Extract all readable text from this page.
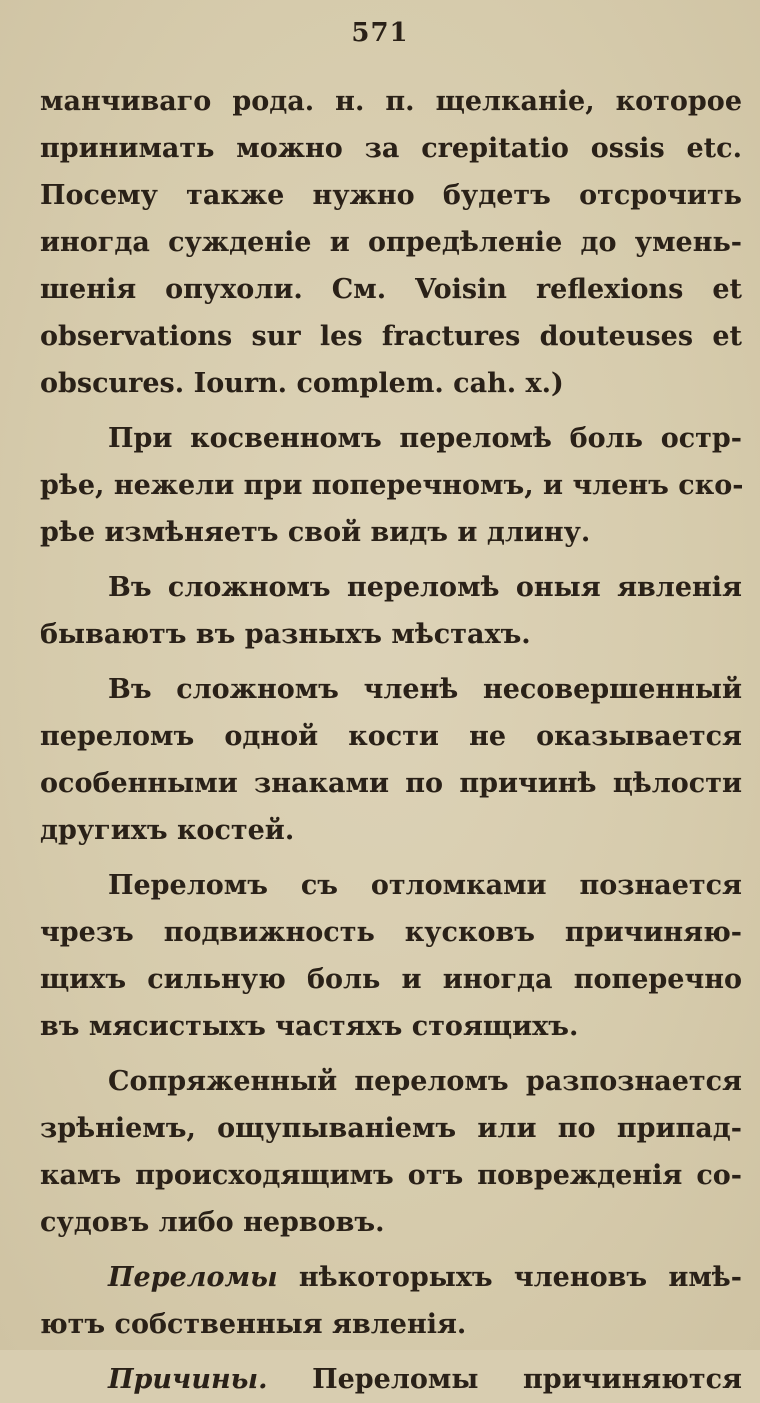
571
манчиваго рода. н. п. щелканіе, которое
принимать можно за crepitatio ossis etc.
Посему также нужно будетъ отсрочить
иногда сужденіе и опредѣленіе до умень-
шенія опухоли. См. Voisin reflexions et
observations sur les fractures douteuses et
obscures. Iourn. complem. cah. x.)
При косвенномъ переломѣ боль остр-
рѣе, нежели при поперечномъ, и членъ ско-
рѣе измѣняетъ свой видъ и длину.
Въ сложномъ переломѣ оныя явленія
бываютъ въ разныхъ мѣстахъ.
Въ сложномъ членѣ несовершенный
переломъ одной кости не оказывается
особенными знаками по причинѣ цѣлости
другихъ костей.
Переломъ съ отломками познается
чрезъ подвижность кусковъ причиняю-
щихъ сильную боль и иногда поперечно
въ мясистыхъ частяхъ стоящихъ.
Сопряженный переломъ разпознается
зрѣніемъ, ощупываніемъ или по припад-
камъ происходящимъ отъ поврежденія со-
судовъ либо нервовъ.
Переломы нѣкоторыхъ членовъ имѣ-
ютъ собственныя явленія.
Причины. Переломы причиняются
